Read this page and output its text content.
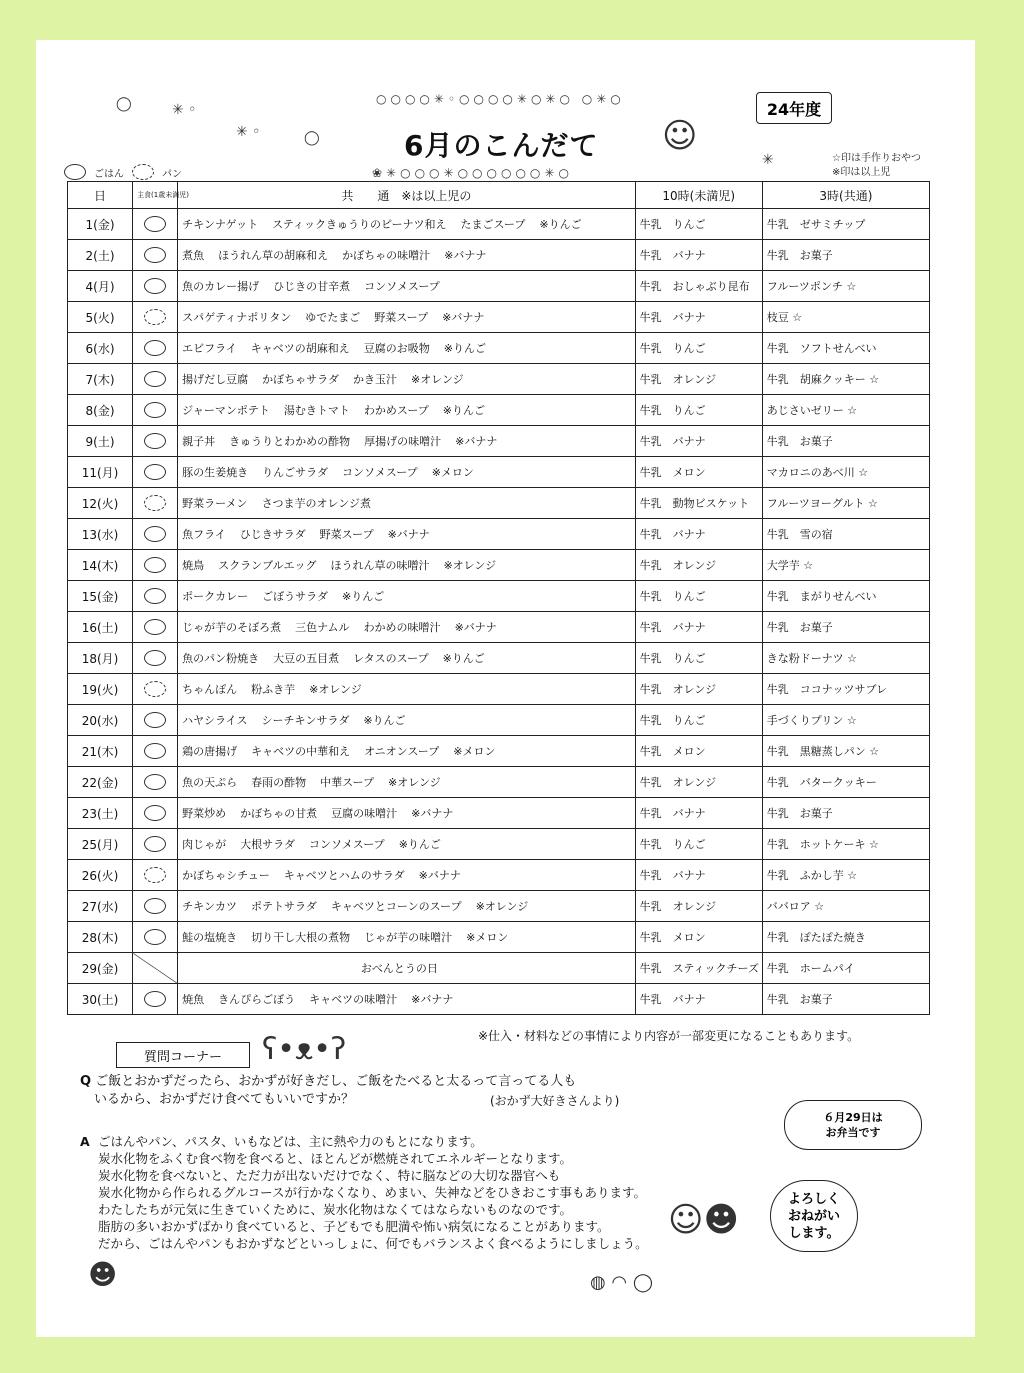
◯	✳ ◦
✳ ◦	◯
○○○○✳◦○○○○✳○✳○ ○✳○
❀✳○○○✳○○○○○○✳○
☺
✳
6月のこんだて
24年度
☆印は手作りおやつ
※印は以上児
ごはん	パン
日	主食(1歳未満児)	共　　通　※は以上児の	10時(未満児)	3時(共通)
1(金)		チキンナゲット スティックきゅうりのピーナツ和え たまごスープ ※りんご	牛乳　りんご	牛乳　ゼサミチップ
2(土)		煮魚 ほうれん草の胡麻和え かぼちゃの味噌汁 ※バナナ	牛乳　バナナ	牛乳　お菓子
4(月)		魚のカレー揚げ ひじきの甘辛煮 コンソメスープ	牛乳　おしゃぶり昆布	フルーツポンチ ☆
5(火)		スパゲティナポリタン ゆでたまご 野菜スープ ※バナナ	牛乳　バナナ	枝豆 ☆
6(水)		エビフライ キャベツの胡麻和え 豆腐のお吸物 ※りんご	牛乳　りんご	牛乳　ソフトせんべい
7(木)		揚げだし豆腐 かぼちゃサラダ かき玉汁 ※オレンジ	牛乳　オレンジ	牛乳　胡麻クッキー ☆
8(金)		ジャーマンポテト 湯むきトマト わかめスープ ※りんご	牛乳　りんご	あじさいゼリー ☆
9(土)		親子丼 きゅうりとわかめの酢物 厚揚げの味噌汁 ※バナナ	牛乳　バナナ	牛乳　お菓子
11(月)		豚の生姜焼き りんごサラダ コンソメスープ ※メロン	牛乳　メロン	マカロニのあべ川 ☆
12(火)		野菜ラーメン さつま芋のオレンジ煮	牛乳　動物ビスケット	フルーツヨーグルト ☆
13(水)		魚フライ ひじきサラダ 野菜スープ ※バナナ	牛乳　バナナ	牛乳　雪の宿
14(木)		焼鳥 スクランブルエッグ ほうれん草の味噌汁 ※オレンジ	牛乳　オレンジ	大学芋 ☆
15(金)		ポークカレー ごぼうサラダ ※りんご	牛乳　りんご	牛乳　まがりせんべい
16(土)		じゃが芋のそぼろ煮 三色ナムル わかめの味噌汁 ※バナナ	牛乳　バナナ	牛乳　お菓子
18(月)		魚のパン粉焼き 大豆の五目煮 レタスのスープ ※りんご	牛乳　りんご	きな粉ドーナツ ☆
19(火)		ちゃんぽん 粉ふき芋 ※オレンジ	牛乳　オレンジ	牛乳　ココナッツサブレ
20(水)		ハヤシライス シーチキンサラダ ※りんご	牛乳　りんご	手づくりプリン ☆
21(木)		鶏の唐揚げ キャベツの中華和え オニオンスープ ※メロン	牛乳　メロン	牛乳　黒糖蒸しパン ☆
22(金)		魚の天ぷら 春雨の酢物 中華スープ ※オレンジ	牛乳　オレンジ	牛乳　バタークッキー
23(土)		野菜炒め かぼちゃの甘煮 豆腐の味噌汁 ※バナナ	牛乳　バナナ	牛乳　お菓子
25(月)		肉じゃが 大根サラダ コンソメスープ ※りんご	牛乳　りんご	牛乳　ホットケーキ ☆
26(火)		かぼちゃシチュー キャベツとハムのサラダ ※バナナ	牛乳　バナナ	牛乳　ふかし芋 ☆
27(水)		チキンカツ ポテトサラダ キャベツとコーンのスープ ※オレンジ	牛乳　オレンジ	ババロア ☆
28(木)		鮭の塩焼き 切り干し大根の煮物 じゃが芋の味噌汁 ※メロン	牛乳　メロン	牛乳　ぽたぽた焼き
29(金)		おべんとうの日	牛乳　スティックチーズ	牛乳　ホームパイ
30(土)		焼魚 きんぴらごぼう キャベツの味噌汁 ※バナナ	牛乳　バナナ	牛乳　お菓子
※仕入・材料などの事情により内容が一部変更になることもあります。
質問コーナー	ʕ•ᴥ•ʔ
Q ご飯とおかずだったら、おかずが好きだし、ご飯をたべると太るって言ってる人も
いるから、おかずだけ食べてもいいですか？	(おかず大好きさんより)
A ごはんやパン、パスタ、いもなどは、主に熱や力のもとになります。
炭水化物をふくむ食べ物を食べると、ほとんどが燃焼されてエネルギーとなります。
炭水化物を食べないと、ただ力が出ないだけでなく、特に脳などの大切な器官へも
炭水化物から作られるグルコースが行かなくなり、めまい、失神などをひきおこす事もあります。
わたしたちが元気に生きていくために、炭水化物はなくてはならないものなのです。
脂肪の多いおかずばかり食べていると、子どもでも肥満や怖い病気になることがあります。
だから、ごはんやパンもおかずなどといっしょに、何でもバランスよく食べるようにしましょう。
６月29日は
お弁当です
よろしく
おねがい
します。
☺☻
☻	◍ ◠ ◯
